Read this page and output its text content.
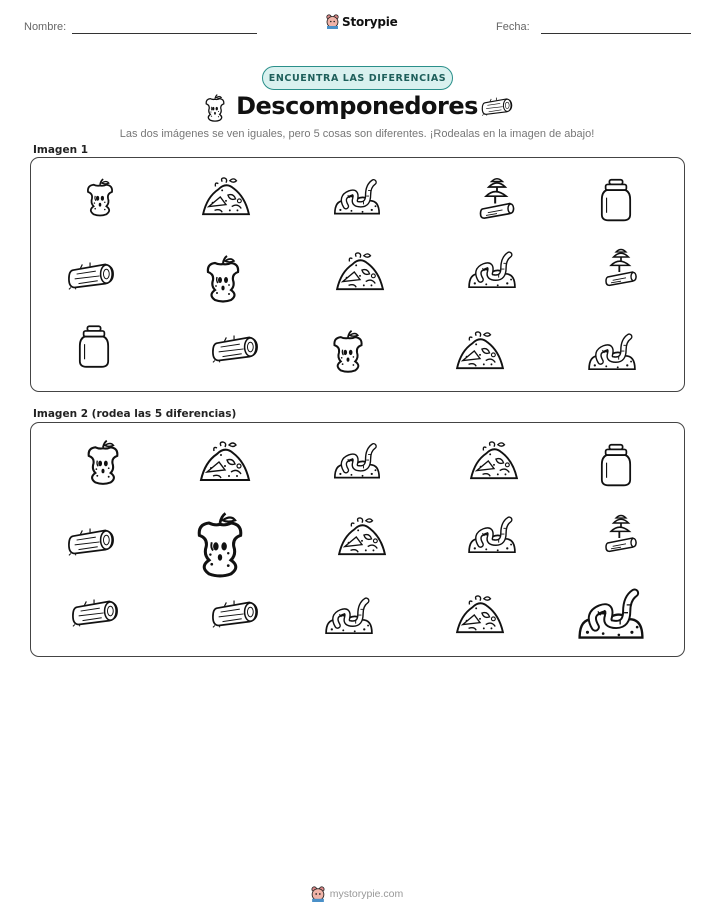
Nombre:	Storypie	Fecha:
ENCUENTRA LAS DIFERENCIAS
Descomponedores
Las dos imágenes se ven iguales, pero 5 cosas son diferentes. ¡Rodealas en la imagen de abajo!
Imagen 1
Imagen 2 (rodea las 5 diferencias)
mystorypie.com
